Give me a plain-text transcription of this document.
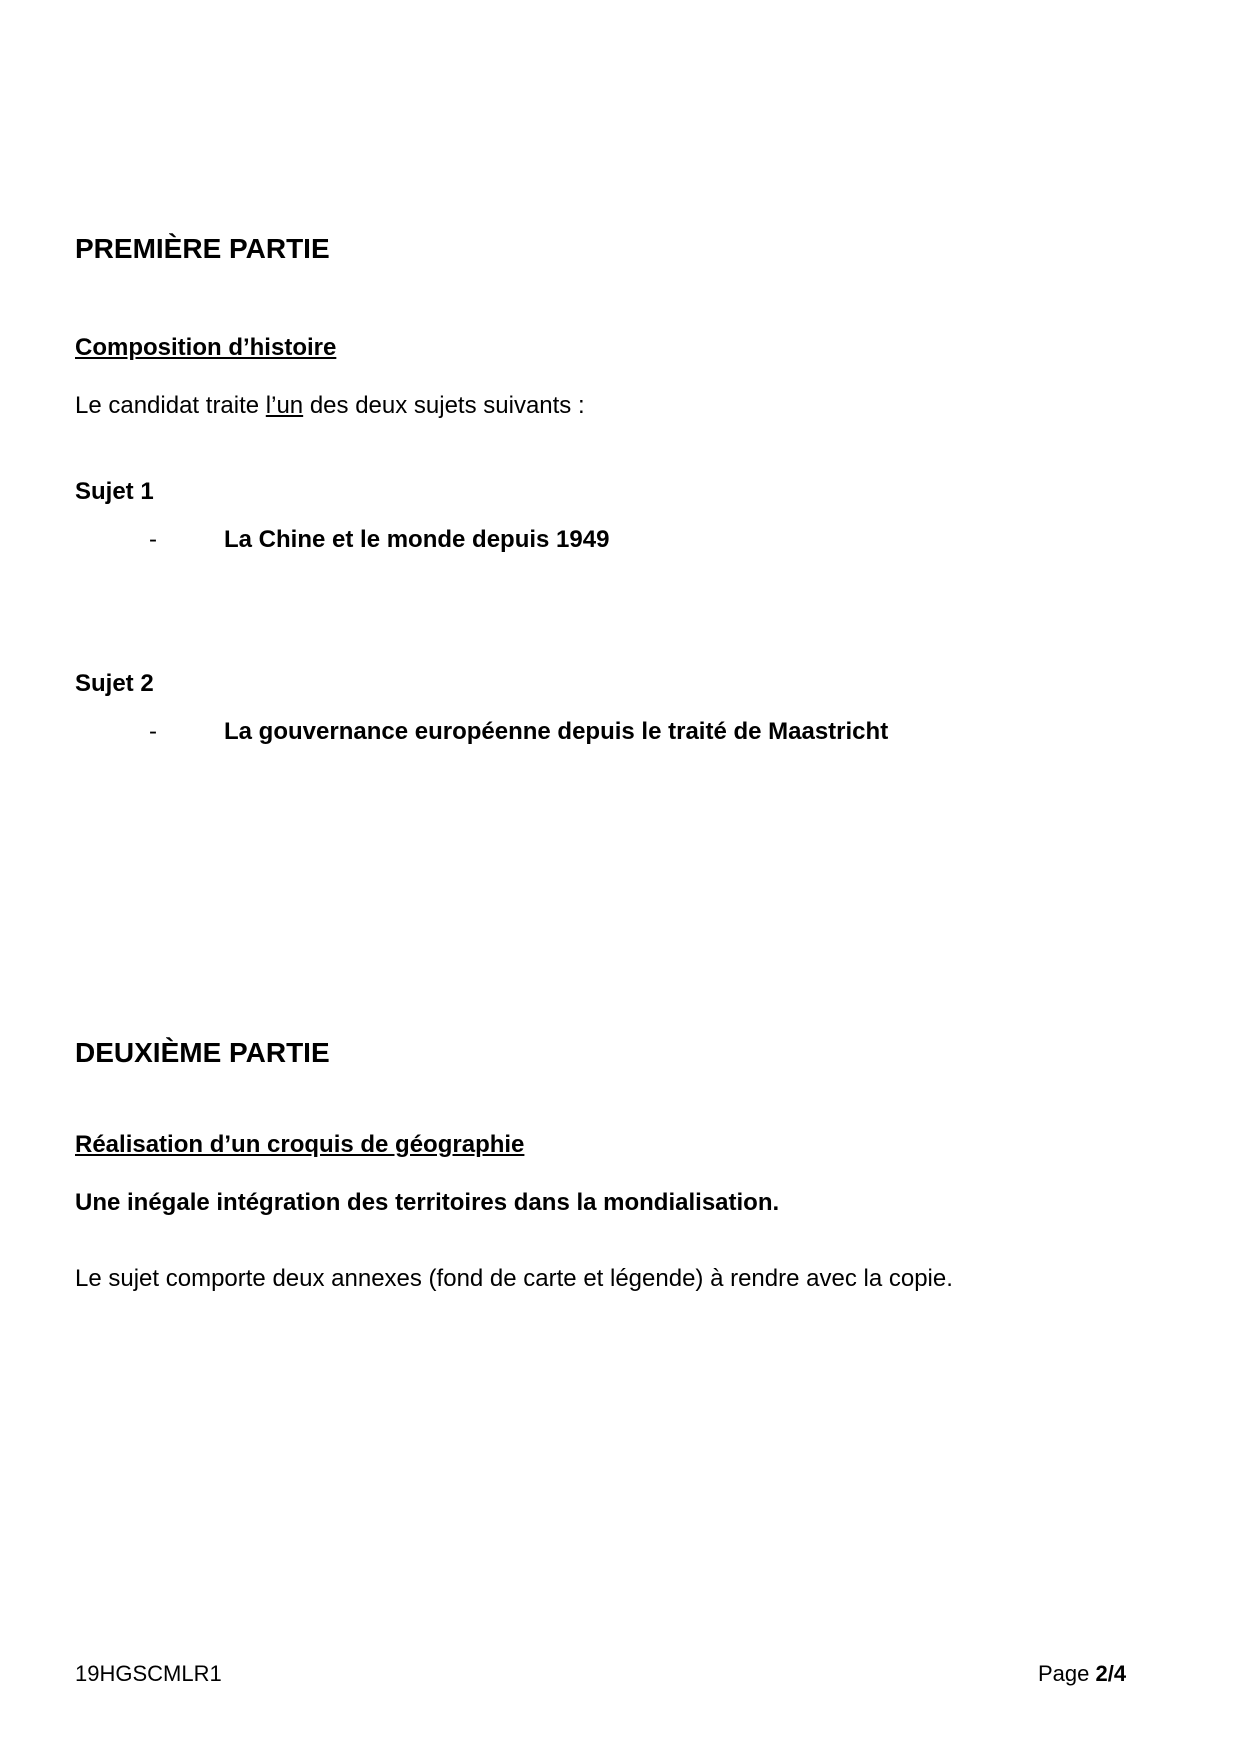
PREMIÈRE PARTIE
Composition d’histoire
Le candidat traite l’un des deux sujets suivants :
Sujet 1
-	La Chine et le monde depuis 1949
Sujet 2
-	La gouvernance européenne depuis le traité de Maastricht
DEUXIÈME PARTIE
Réalisation d’un croquis de géographie
Une inégale intégration des territoires dans la mondialisation.
Le sujet comporte deux annexes (fond de carte et légende) à rendre avec la copie.
19HGSCMLR1	Page 2/4
